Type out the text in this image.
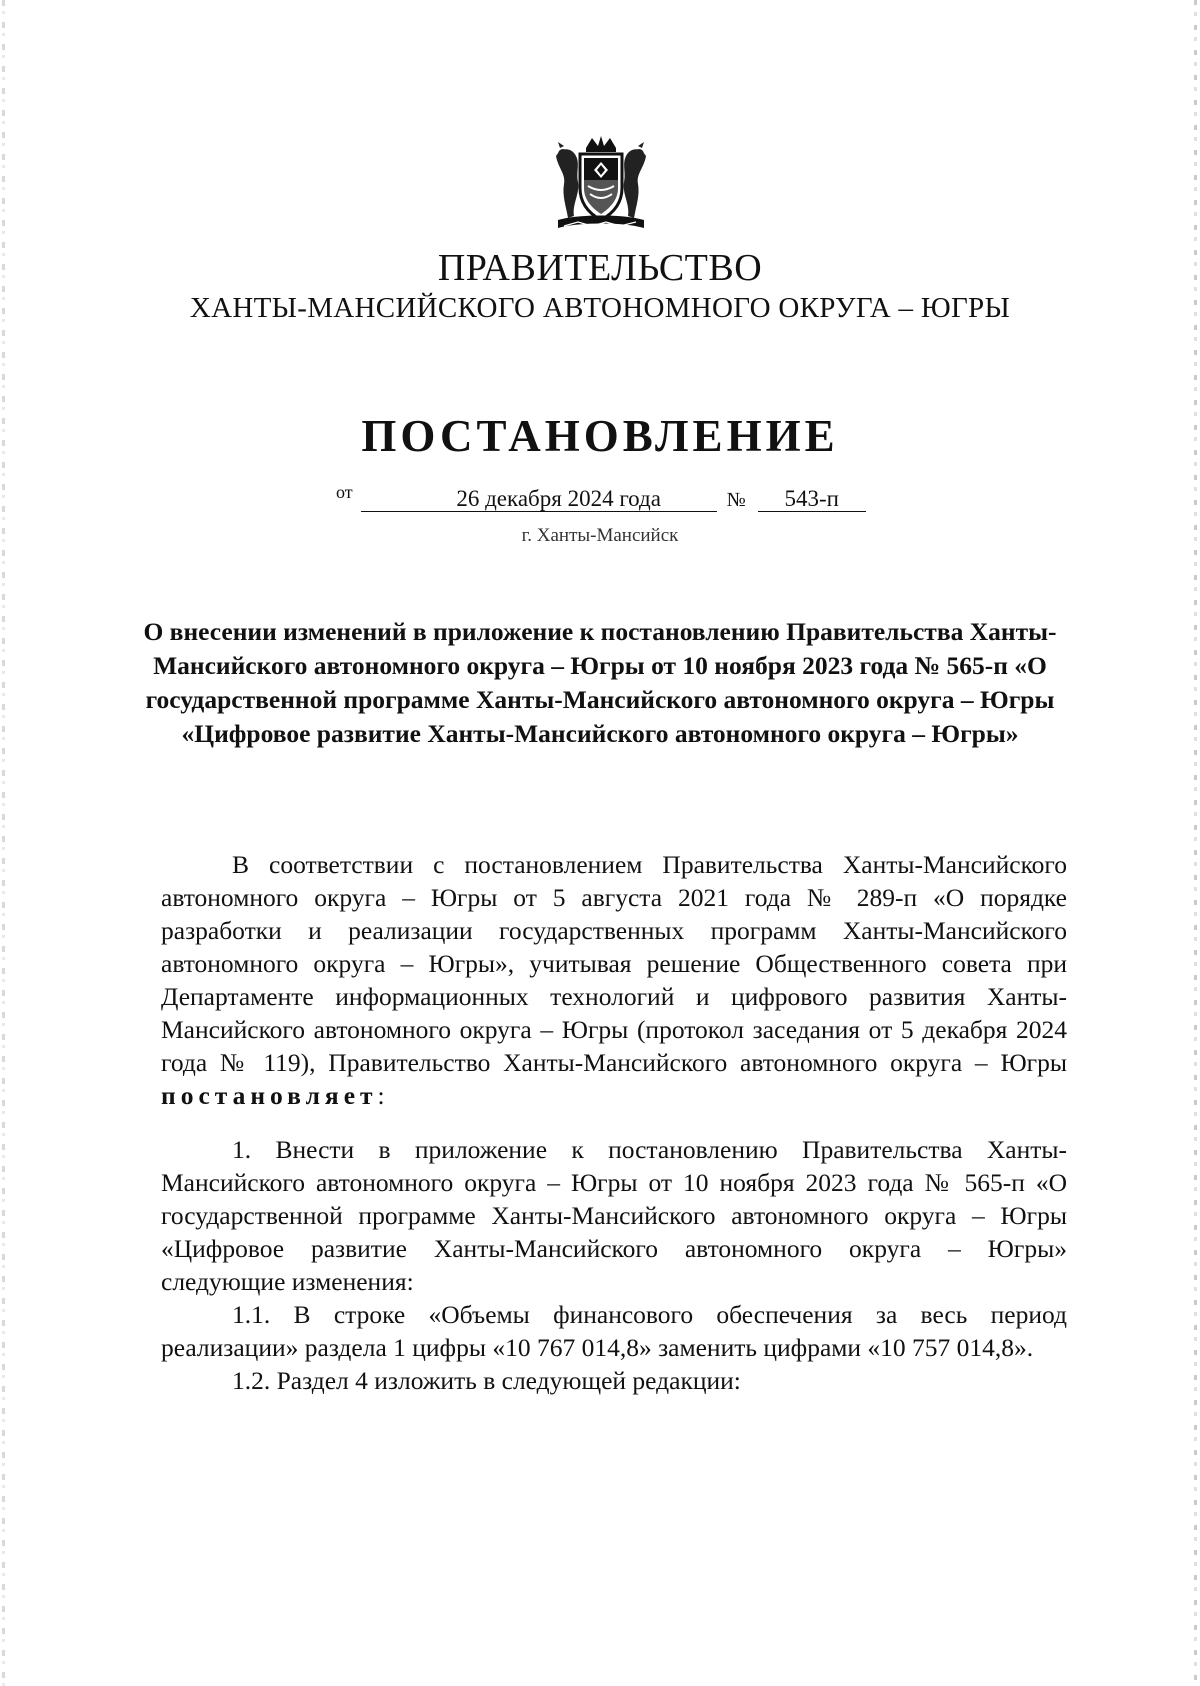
ПРАВИТЕЛЬСТВО
ХАНТЫ-МАНСИЙСКОГО АВТОНОМНОГО ОКРУГА – ЮГРЫ
ПОСТАНОВЛЕНИЕ
$^{от}$	26 декабря 2024 года	№ 543-п
г. Ханты-Мансийск
О внесении изменений в приложение к постановлению Правительства Ханты-Мансийского автономного округа – Югры от 10 ноября 2023 года № 565-п «О государственной программе Ханты-Мансийского автономного округа – Югры «Цифровое развитие Ханты-Мансийского автономного округа – Югры»
В соответствии с постановлением Правительства Ханты-Мансийского автономного округа – Югры от 5 августа 2021 года № 289-п «О порядке разработки и реализации государственных программ Ханты-Мансийского автономного округа – Югры», учитывая решение Общественного совета при Департаменте информационных технологий и цифрового развития Ханты-Мансийского автономного округа – Югры (протокол заседания от 5 декабря 2024 года № 119), Правительство Ханты-Мансийского автономного округа – Югры постановляет:
1. Внести в приложение к постановлению Правительства Ханты-Мансийского автономного округа – Югры от 10 ноября 2023 года № 565-п «О государственной программе Ханты-Мансийского автономного округа – Югры «Цифровое развитие Ханты-Мансийского автономного округа – Югры» следующие изменения:
1.1. В строке «Объемы финансового обеспечения за весь период реализации» раздела 1 цифры «10 767 014,8» заменить цифрами «10 757 014,8».
1.2. Раздел 4 изложить в следующей редакции:
